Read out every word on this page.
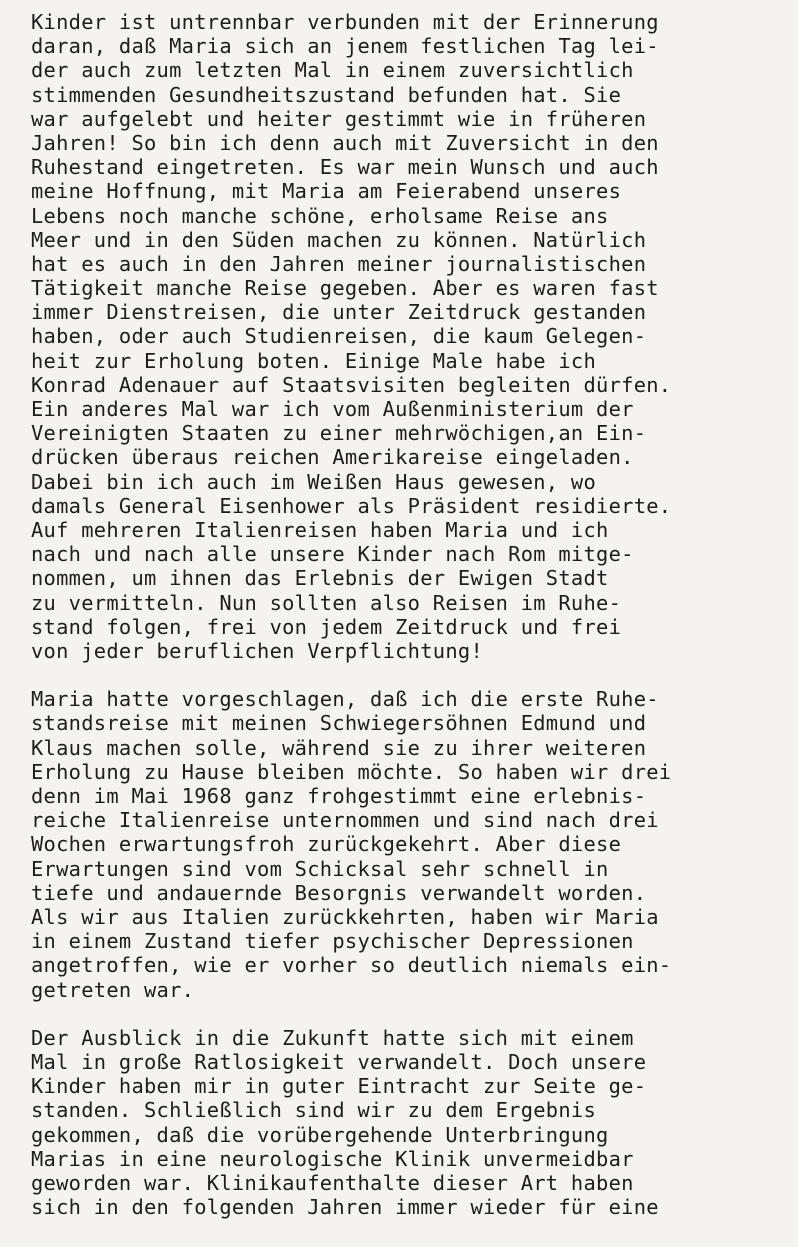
Kinder ist untrennbar verbunden mit der Erinnerung
daran, daß Maria sich an jenem festlichen Tag lei-
der auch zum letzten Mal in einem zuversichtlich
stimmenden Gesundheitszustand befunden hat. Sie
war aufgelebt und heiter gestimmt wie in früheren
Jahren! So bin ich denn auch mit Zuversicht in den
Ruhestand eingetreten. Es war mein Wunsch und auch
meine Hoffnung, mit Maria am Feierabend unseres
Lebens noch manche schöne, erholsame Reise ans
Meer und in den Süden machen zu können. Natürlich
hat es auch in den Jahren meiner journalistischen
Tätigkeit manche Reise gegeben. Aber es waren fast
immer Dienstreisen, die unter Zeitdruck gestanden
haben, oder auch Studienreisen, die kaum Gelegen-
heit zur Erholung boten. Einige Male habe ich
Konrad Adenauer auf Staatsvisiten begleiten dürfen.
Ein anderes Mal war ich vom Außenministerium der
Vereinigten Staaten zu einer mehrwöchigen,an Ein-
drücken überaus reichen Amerikareise eingeladen.
Dabei bin ich auch im Weißen Haus gewesen, wo
damals General Eisenhower als Präsident residierte.
Auf mehreren Italienreisen haben Maria und ich
nach und nach alle unsere Kinder nach Rom mitge-
nommen, um ihnen das Erlebnis der Ewigen Stadt
zu vermitteln. Nun sollten also Reisen im Ruhe-
stand folgen, frei von jedem Zeitdruck und frei
von jeder beruflichen Verpflichtung!
Maria hatte vorgeschlagen, daß ich die erste Ruhe-
standsreise mit meinen Schwiegersöhnen Edmund und
Klaus machen solle, während sie zu ihrer weiteren
Erholung zu Hause bleiben möchte. So haben wir drei
denn im Mai 1968 ganz frohgestimmt eine erlebnis-
reiche Italienreise unternommen und sind nach drei
Wochen erwartungsfroh zurückgekehrt. Aber diese
Erwartungen sind vom Schicksal sehr schnell in
tiefe und andauernde Besorgnis verwandelt worden.
Als wir aus Italien zurückkehrten, haben wir Maria
in einem Zustand tiefer psychischer Depressionen
angetroffen, wie er vorher so deutlich niemals ein-
getreten war.
Der Ausblick in die Zukunft hatte sich mit einem
Mal in große Ratlosigkeit verwandelt. Doch unsere
Kinder haben mir in guter Eintracht zur Seite ge-
standen. Schließlich sind wir zu dem Ergebnis
gekommen, daß die vorübergehende Unterbringung
Marias in eine neurologische Klinik unvermeidbar
geworden war. Klinikaufenthalte dieser Art haben
sich in den folgenden Jahren immer wieder für eine
